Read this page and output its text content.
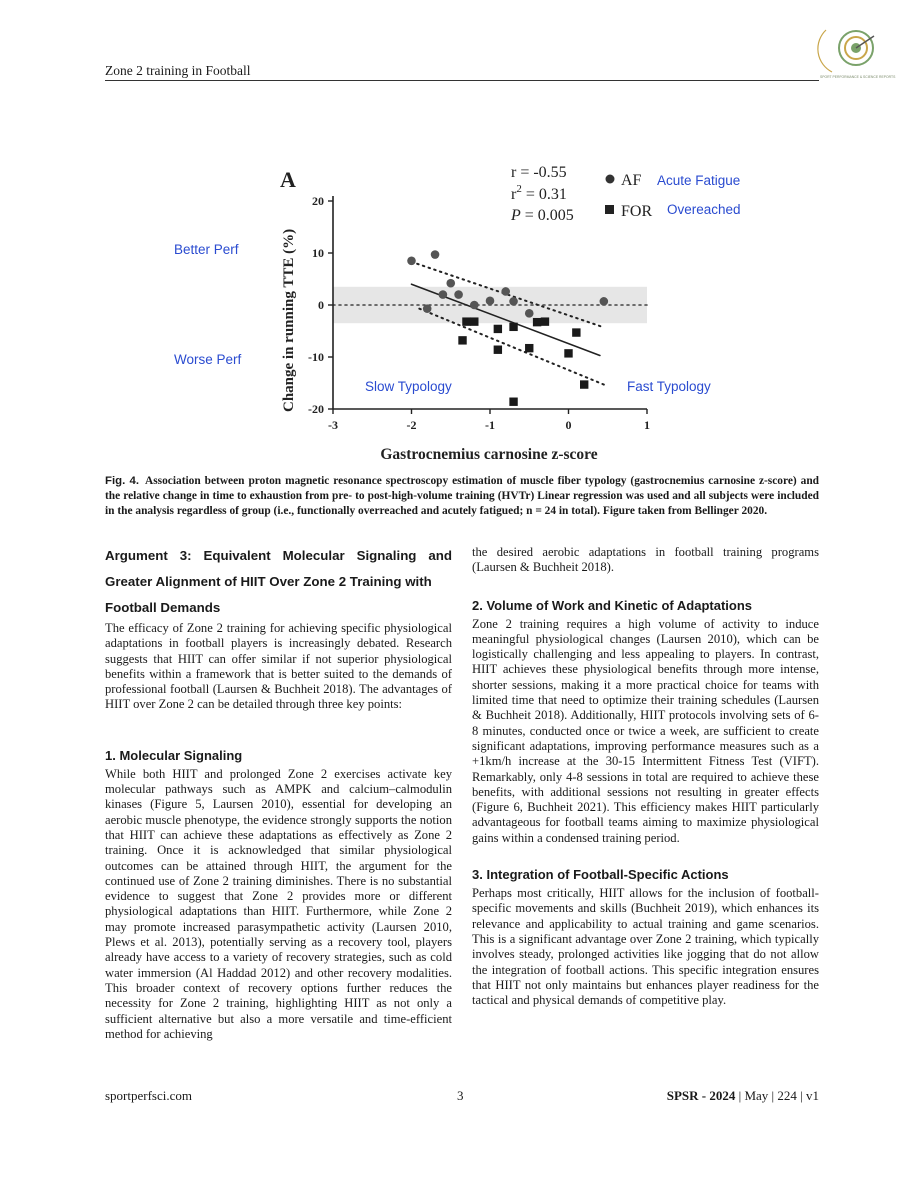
Zone 2 training in Football	SPORT PERFORMANCE & SCIENCE REPORTS
A	r = -0.55
$r^2 = 0.31$
P = 0.005
AF Acute Fatigue
FOR Overeached
Better Perf
Worse Perf
Slow Typology	Fast Typology
Change in running TTE (%)
Gastrocnemius carnosine z-score
-3	-2	-1	0	1
20
10
0
-10
-20
Fig. 4. Association between proton magnetic resonance spectroscopy estimation of muscle fiber typology (gastrocnemius carnosine z-score) and the relative change in time to exhaustion from pre- to post-high-volume training (HVTr) Linear regression was used and all subjects were included in the analysis regardless of group (i.e., functionally overreached and acutely fatigued; n = 24 in total). Figure taken from Bellinger 2020.
Argument 3: Equivalent Molecular Signaling and Greater Alignment of HIIT Over Zone 2 Training with
Football Demands

The efficacy of Zone 2 training for achieving specific physiological adaptations in football players is increasingly debated. Research suggests that HIIT can offer similar if not superior physiological benefits within a framework that is better suited to the demands of professional football (Laursen & Buchheit 2018). The advantages of HIIT over Zone 2 can be detailed through three key points:

1. Molecular Signaling

While both HIIT and prolonged Zone 2 exercises activate key molecular pathways such as AMPK and calcium–calmodulin kinases (Figure 5, Laursen 2010), essential for developing an aerobic muscle phenotype, the evidence strongly supports the notion that HIIT can achieve these adaptations as effectively as Zone 2 training. Once it is acknowledged that similar physiological outcomes can be attained through HIIT, the argument for the continued use of Zone 2 training diminishes. There is no substantial evidence to suggest that Zone 2 provides more or different physiological adaptations than HIIT. Furthermore, while Zone 2 may promote increased parasympathetic activity (Laursen 2010, Plews et al. 2013), potentially serving as a recovery tool, players already have access to a variety of recovery strategies, such as cold water immersion (Al Haddad 2012) and other recovery modalities. This broader context of recovery options further reduces the necessity for Zone 2 training, highlighting HIIT as not only a sufficient alternative but also a more versatile and time-efficient method for achieving

the desired aerobic adaptations in football training programs (Laursen & Buchheit 2018).

2. Volume of Work and Kinetic of Adaptations

Zone 2 training requires a high volume of activity to induce meaningful physiological changes (Laursen 2010), which can be logistically challenging and less appealing to players. In contrast, HIIT achieves these physiological benefits through more intense, shorter sessions, making it a more practical choice for teams with limited time that need to optimize their training schedules (Laursen & Buchheit 2018). Additionally, HIIT protocols involving sets of 6-8 minutes, conducted once or twice a week, are sufficient to create significant adaptations, improving performance measures such as a +1km/h increase at the 30-15 Intermittent Fitness Test (VIFT). Remarkably, only 4-8 sessions in total are required to achieve these benefits, with additional sessions not resulting in greater effects (Figure 6, Buchheit 2021). This efficiency makes HIIT particularly advantageous for football teams aiming to maximize physiological gains within a condensed training period.

3. Integration of Football-Specific Actions

Perhaps most critically, HIIT allows for the inclusion of football-specific movements and skills (Buchheit 2019), which enhances its relevance and applicability to actual training and game scenarios. This is a significant advantage over Zone 2 training, which typically involves steady, prolonged activities like jogging that do not allow the integration of football actions. This specific integration ensures that HIIT not only maintains but enhances player readiness for the tactical and physical demands of competitive play.

sportperfsci.com	3	SPSR - 2024 | May | 224 | v1
